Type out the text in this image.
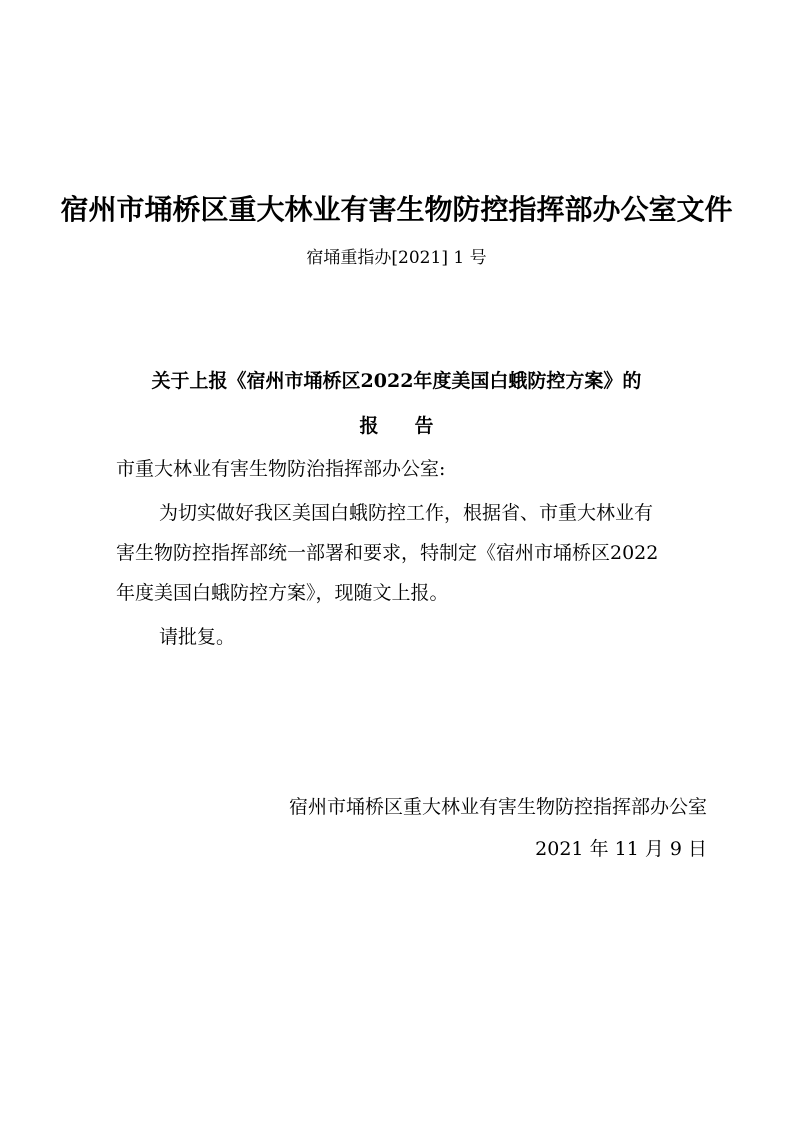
宿州市埇桥区重大林业有害生物防控指挥部办公室文件
宿埇重指办[2021] 1 号
关于上报《宿州市埇桥区2022年度美国白蛾防控方案》的
报告
市重大林业有害生物防治指挥部办公室:
为切实做好我区美国白蛾防控工作，根据省、市重大林业有
害生物防控指挥部统一部署和要求，特制定《宿州市埇桥区2022
年度美国白蛾防控方案》，现随文上报。
请批复。
宿州市埇桥区重大林业有害生物防控指挥部办公室
2021 年 11 月 9 日
